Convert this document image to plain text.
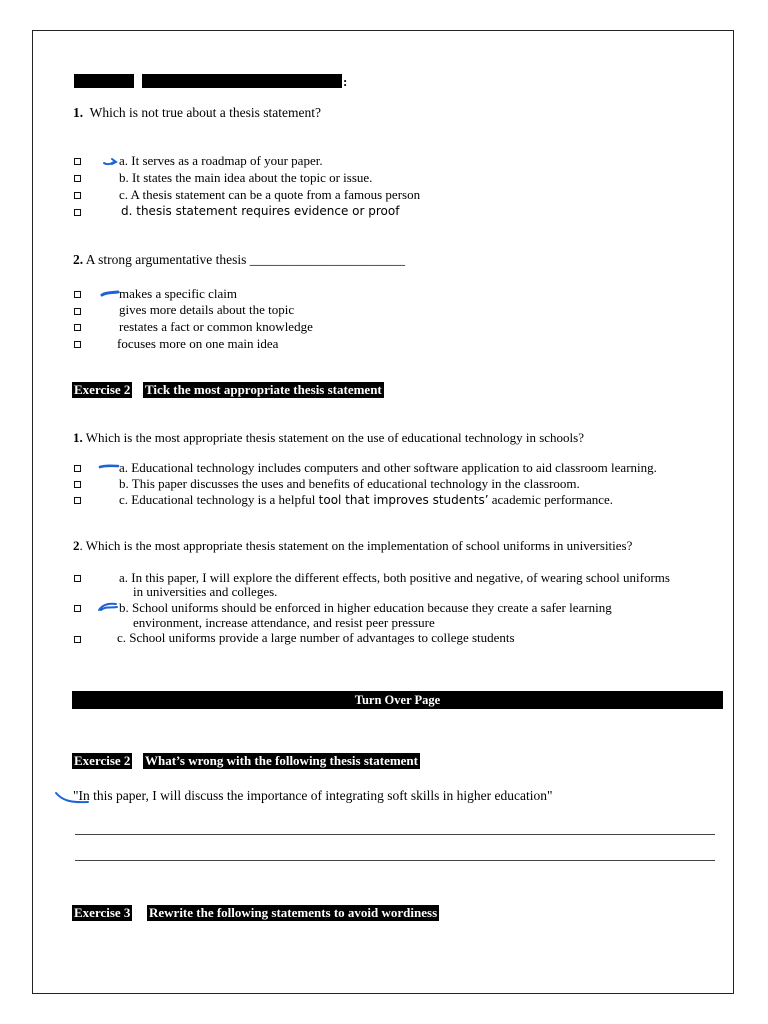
:
1. Which is not true about a thesis statement?
a. It serves as a roadmap of your paper.
b. It states the main idea about the topic or issue.
c. A thesis statement can be a quote from a famous person
d. thesis statement requires evidence or proof
2. A strong argumentative thesis _______________________
makes a specific claim
gives more details about the topic
restates a fact or common knowledge
focuses more on one main idea
Exercise 2 Tick the most appropriate thesis statement
1. Which is the most appropriate thesis statement on the use of educational technology in schools?
a. Educational technology includes computers and other software application to aid classroom learning.
b. This paper discusses the uses and benefits of educational technology in the classroom.
c. Educational technology is a helpful tool that improves students’ academic performance.
2. Which is the most appropriate thesis statement on the implementation of school uniforms in universities?
a. In this paper, I will explore the different effects, both positive and negative, of wearing school uniforms
in universities and colleges.
b. School uniforms should be enforced in higher education because they create a safer learning
environment, increase attendance, and resist peer pressure
c. School uniforms provide a large number of advantages to college students
Turn Over Page
Exercise 2 What’s wrong with the following thesis statement
"In this paper, I will discuss the importance of integrating soft skills in higher education"
Exercise 3 Rewrite the following statements to avoid wordiness
